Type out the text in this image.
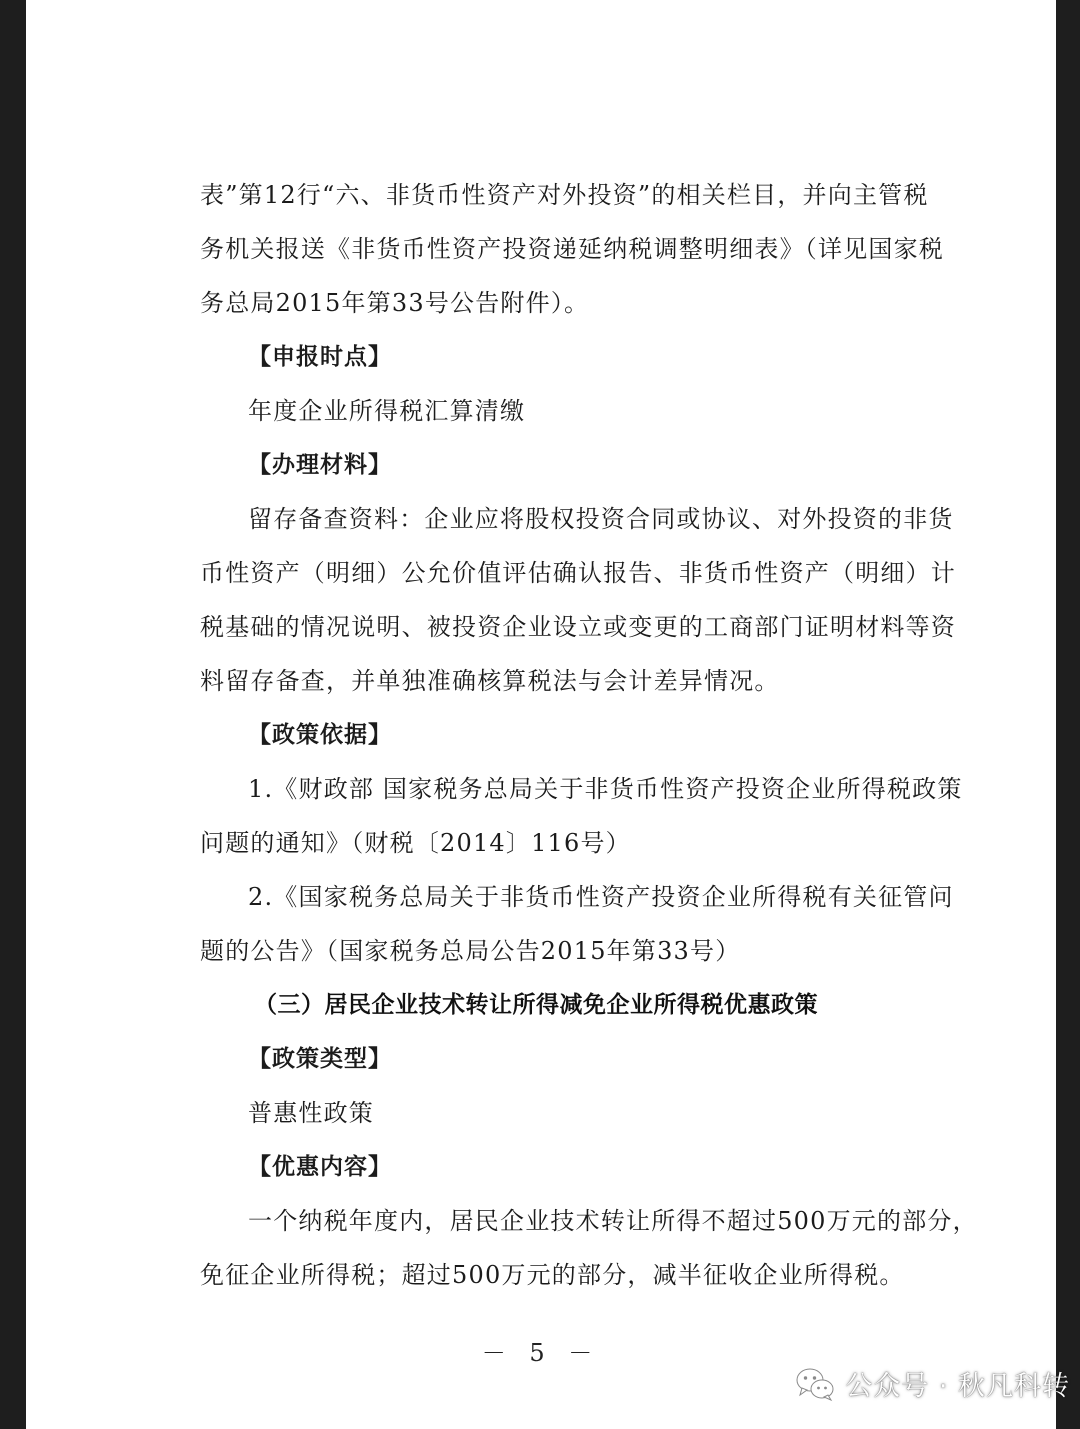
表”第12行“六、非货币性资产对外投资”的相关栏目，并向主管税
务机关报送《非货币性资产投资递延纳税调整明细表》（详见国家税
务总局2015年第33号公告附件）。
【申报时点】
年度企业所得税汇算清缴
【办理材料】
留存备查资料：企业应将股权投资合同或协议、对外投资的非货
币性资产（明细）公允价值评估确认报告、非货币性资产（明细）计
税基础的情况说明、被投资企业设立或变更的工商部门证明材料等资
料留存备查，并单独准确核算税法与会计差异情况。
【政策依据】
1.《财政部 国家税务总局关于非货币性资产投资企业所得税政策
问题的通知》（财税〔2014〕116号）
2.《国家税务总局关于非货币性资产投资企业所得税有关征管问
题的公告》（国家税务总局公告2015年第33号）
（三）居民企业技术转让所得减免企业所得税优惠政策
【政策类型】
普惠性政策
【优惠内容】
一个纳税年度内，居民企业技术转让所得不超过500万元的部分，
免征企业所得税；超过500万元的部分，减半征收企业所得税。
－ 5 －
公众号 · 秋凡科转
